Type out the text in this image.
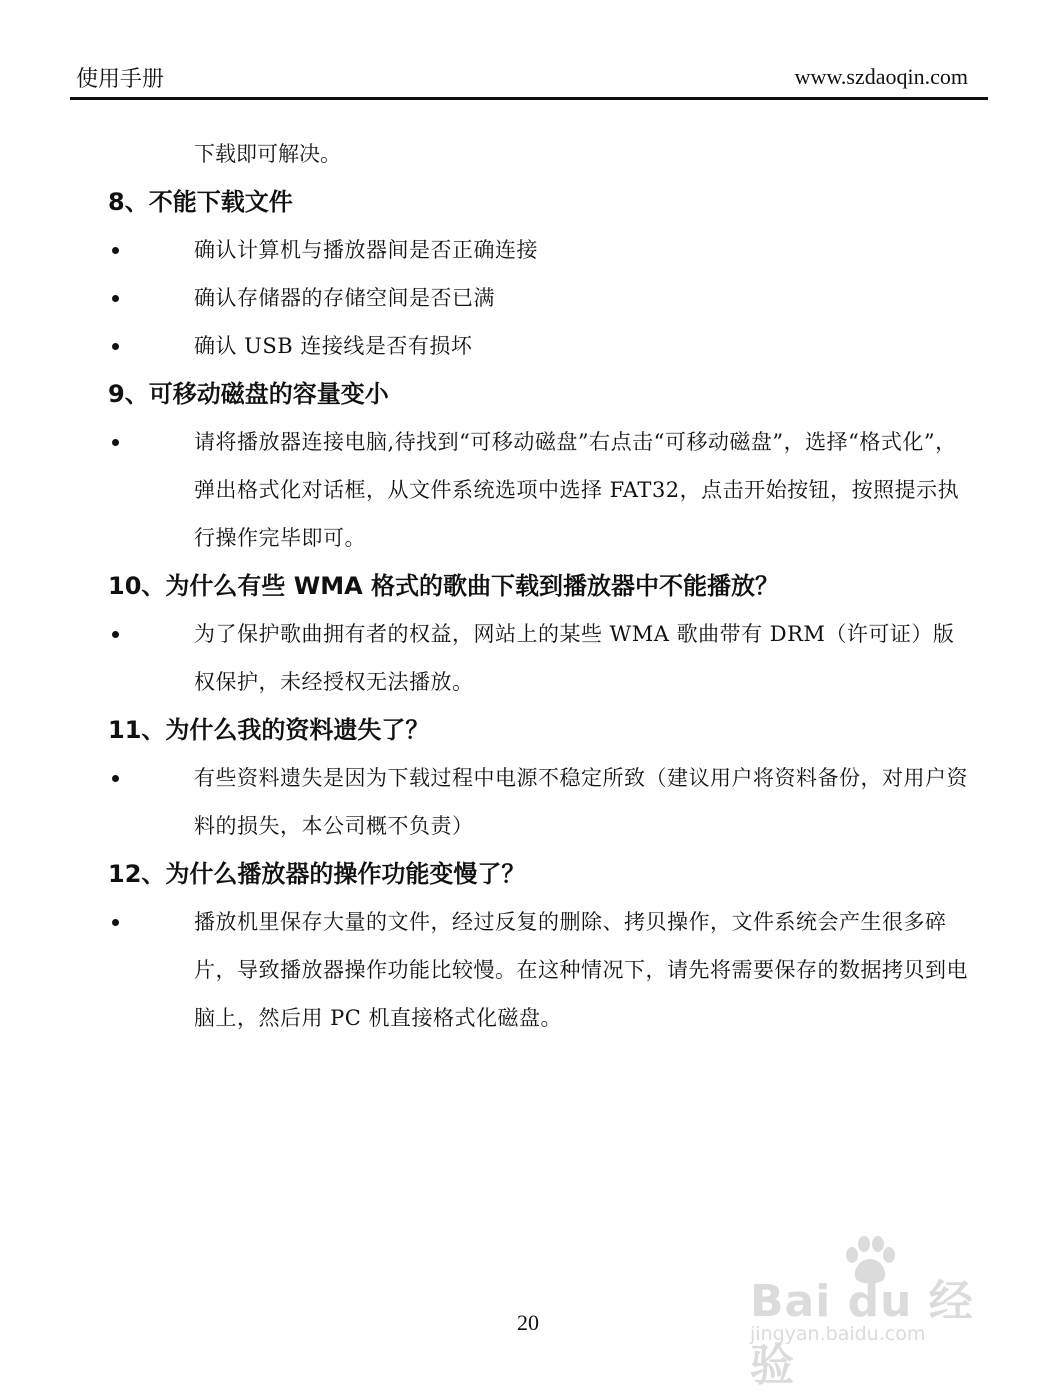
使用手册	www.szdaoqin.com
下载即可解决。
8、不能下载文件
确认计算机与播放器间是否正确连接
确认存储器的存储空间是否已满
确认 USB 连接线是否有损坏
9、可移动磁盘的容量变小
请将播放器连接电脑,待找到“可移动磁盘”右点击“可移动磁盘”，选择“格式化”，弹出格式化对话框，从文件系统选项中选择 FAT32，点击开始按钮，按照提示执行操作完毕即可。
10、为什么有些 WMA 格式的歌曲下载到播放器中不能播放？
为了保护歌曲拥有者的权益，网站上的某些 WMA 歌曲带有 DRM（许可证）版权保护，未经授权无法播放。
11、为什么我的资料遗失了？
有些资料遗失是因为下载过程中电源不稳定所致（建议用户将资料备份，对用户资料的损失，本公司概不负责）
12、为什么播放器的操作功能变慢了？
播放机里保存大量的文件，经过反复的删除、拷贝操作，文件系统会产生很多碎片，导致播放器操作功能比较慢。在这种情况下，请先将需要保存的数据拷贝到电脑上，然后用 PC 机直接格式化磁盘。
Bai du 经验
jingyan.baidu.com
20
